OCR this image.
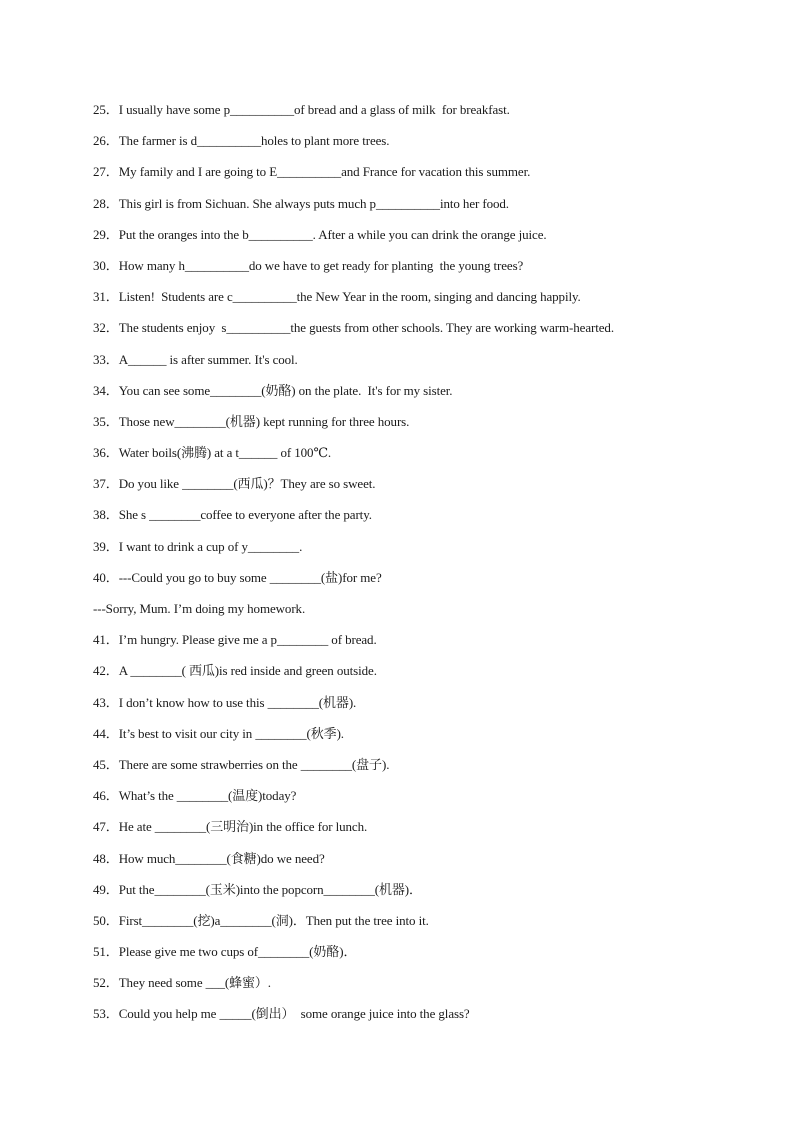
25．I usually have some p__________of bread and a glass of milk  for breakfast.
26．The farmer is d__________holes to plant more trees.
27．My family and I are going to E__________and France for vacation this summer.
28．This girl is from Sichuan. She always puts much p__________into her food.
29．Put the oranges into the b__________. After a while you can drink the orange juice.
30．How many h__________do we have to get ready for planting  the young trees?
31．Listen!  Students are c__________the New Year in the room, singing and dancing happily.
32．The students enjoy  s__________the guests from other schools. They are working warm-hearted.
33．A______ is after summer. It's cool.
34．You can see some________(奶酪) on the plate.  It's for my sister.
35．Those new________(机器) kept running for three hours.
36．Water boils(沸腾) at a t______ of 100℃.
37．Do you like ________(西瓜)？They are so sweet.
38．She s ________coffee to everyone after the party.
39．I want to drink a cup of y________.
40．---Could you go to buy some ________(盐)for me?
---Sorry, Mum. I’m doing my homework.
41．I’m hungry. Please give me a p________ of bread.
42．A ________( 西瓜)is red inside and green outside.
43．I don’t know how to use this ________(机器).
44．It’s best to visit our city in ________(秋季).
45．There are some strawberries on the ________(盘子).
46．What’s the ________(温度)today?
47．He ate ________(三明治)in the office for lunch.
48．How much________(食糖)do we need?
49．Put the________(玉米)into the popcorn________(机器)．
50．First________(挖)a________(洞)．Then put the tree into it.
51．Please give me two cups of________(奶酪)．
52．They need some ___(蜂蜜）.
53．Could you help me _____(倒出）  some orange juice into the glass?
